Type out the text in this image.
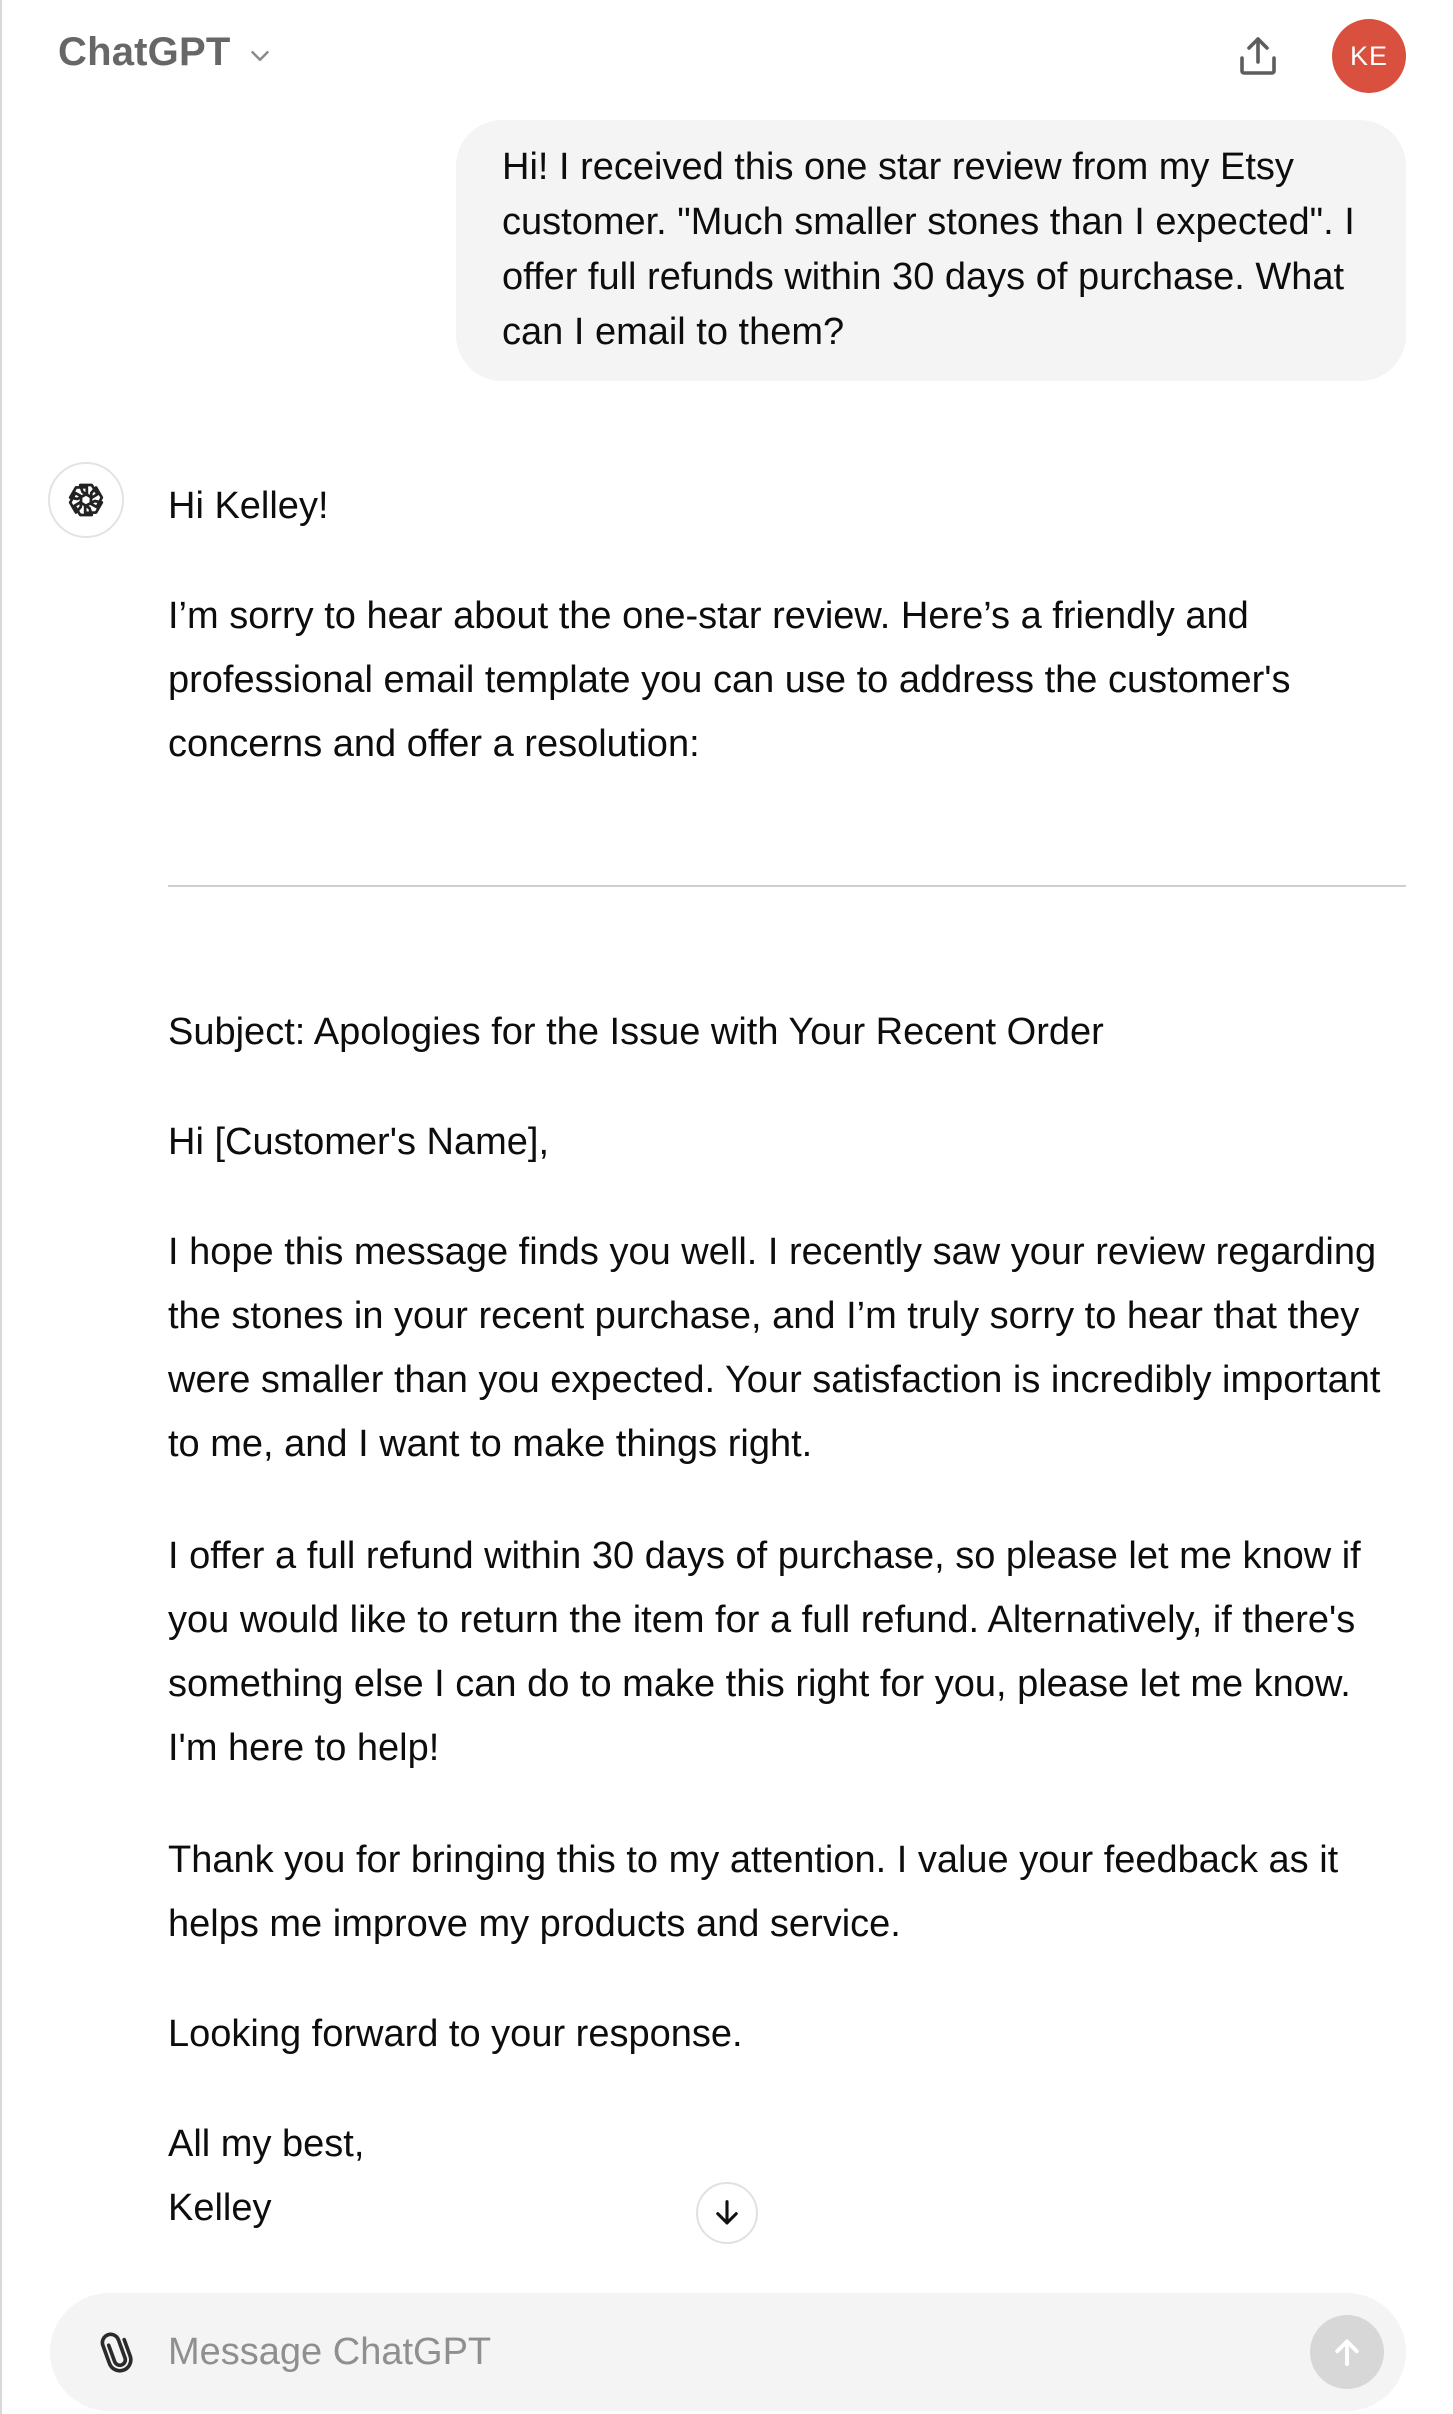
ChatGPT	KE
Hi! I received this one star review from my Etsy customer. "Much smaller stones than I expected". I offer full refunds within 30 days of purchase. What can I email to them?
Hi Kelley!
I’m sorry to hear about the one-star review. Here’s a friendly and professional email template you can use to address the customer's concerns and offer a resolution:
Subject: Apologies for the Issue with Your Recent Order
Hi [Customer's Name],
I hope this message finds you well. I recently saw your review regarding the stones in your recent purchase, and I’m truly sorry to hear that they were smaller than you expected. Your satisfaction is incredibly important to me, and I want to make things right.
I offer a full refund within 30 days of purchase, so please let me know if you would like to return the item for a full refund. Alternatively, if there's something else I can do to make this right for you, please let me know. I'm here to help!
Thank you for bringing this to my attention. I value your feedback as it helps me improve my products and service.
Looking forward to your response.
All my best,
Kelley
Message ChatGPT
